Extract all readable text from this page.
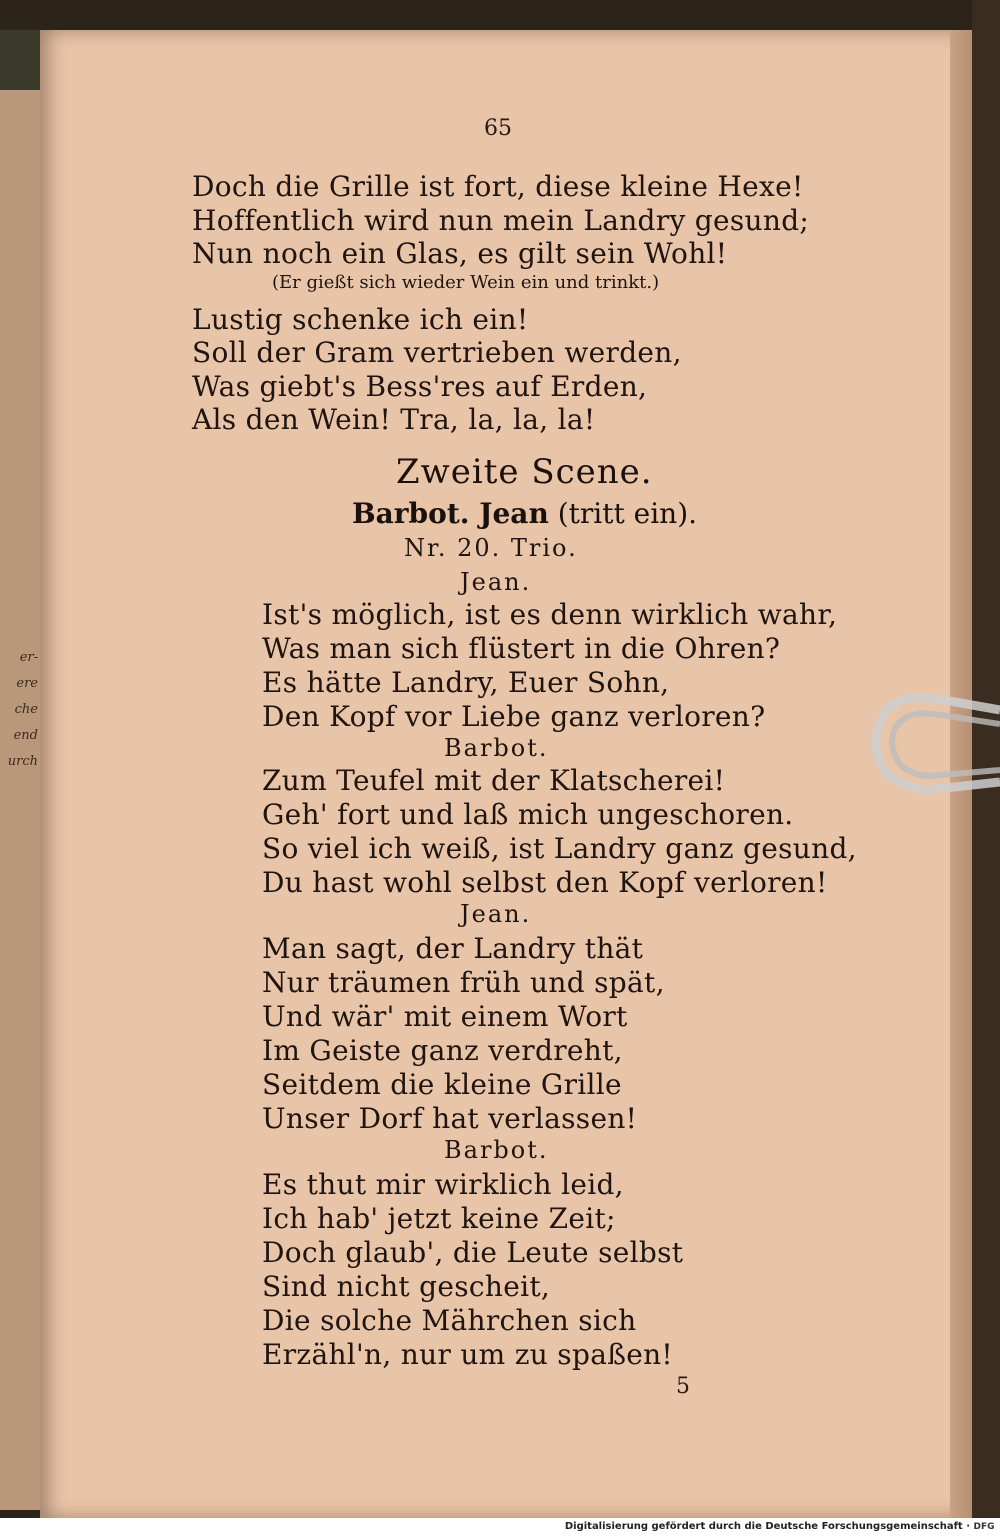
er-
ere
che
end
urch
65
Doch die Grille ist fort, diese kleine Hexe!
Hoffentlich wird nun mein Landry gesund;
Nun noch ein Glas, es gilt sein Wohl!
(Er gießt sich wieder Wein ein und trinkt.)
Lustig schenke ich ein!
Soll der Gram vertrieben werden,
Was giebt's Bess'res auf Erden,
Als den Wein! Tra, la, la, la!
Zweite Scene.
Barbot. Jean (tritt ein).
Nr. 20. Trio.
Jean.
Ist's möglich, ist es denn wirklich wahr,
Was man sich flüstert in die Ohren?
Es hätte Landry, Euer Sohn,
Den Kopf vor Liebe ganz verloren?
Barbot.
Zum Teufel mit der Klatscherei!
Geh' fort und laß mich ungeschoren.
So viel ich weiß, ist Landry ganz gesund,
Du hast wohl selbst den Kopf verloren!
Jean.
Man sagt, der Landry thät
Nur träumen früh und spät,
Und wär' mit einem Wort
Im Geiste ganz verdreht,
Seitdem die kleine Grille
Unser Dorf hat verlassen!
Barbot.
Es thut mir wirklich leid,
Ich hab' jetzt keine Zeit;
Doch glaub', die Leute selbst
Sind nicht gescheit,
Die solche Mährchen sich
Erzähl'n, nur um zu spaßen!
5
Digitalisierung gefördert durch die Deutsche Forschungsgemeinschaft · DFG
